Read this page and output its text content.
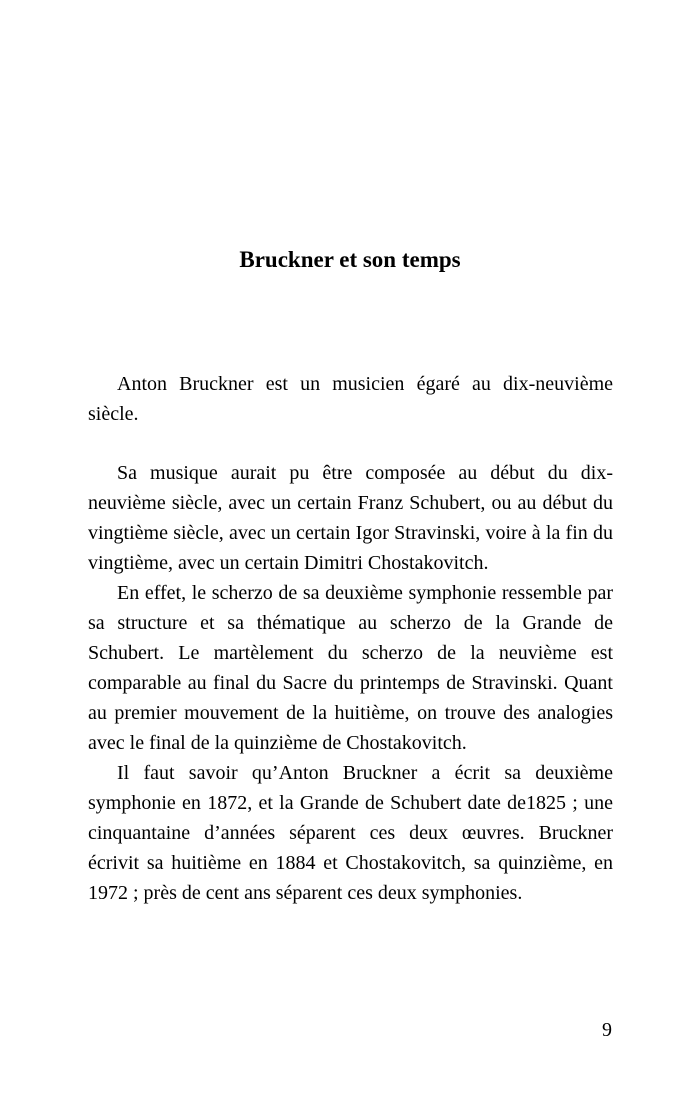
Bruckner et son temps

Anton Bruckner est un musicien égaré au dix-neuvième siècle.

Sa musique aurait pu être composée au début du dix-neuvième siècle, avec un certain Franz Schubert, ou au début du vingtième siècle, avec un certain Igor Stravinski, voire à la fin du vingtième, avec un certain Dimitri Chostakovitch.

En effet, le scherzo de sa deuxième symphonie ressemble par sa structure et sa thématique au scherzo de la Grande de Schubert. Le martèlement du scherzo de la neuvième est comparable au final du Sacre du printemps de Stravinski. Quant au premier mouvement de la huitième, on trouve des analogies avec le final de la quinzième de Chostakovitch.

Il faut savoir qu’Anton Bruckner a écrit sa deuxième symphonie en 1872, et la Grande de Schubert date de1825 ; une cinquantaine d’années séparent ces deux œuvres. Bruckner écrivit sa huitième en 1884 et Chostakovitch, sa quinzième, en 1972 ; près de cent ans séparent ces deux symphonies.

9
